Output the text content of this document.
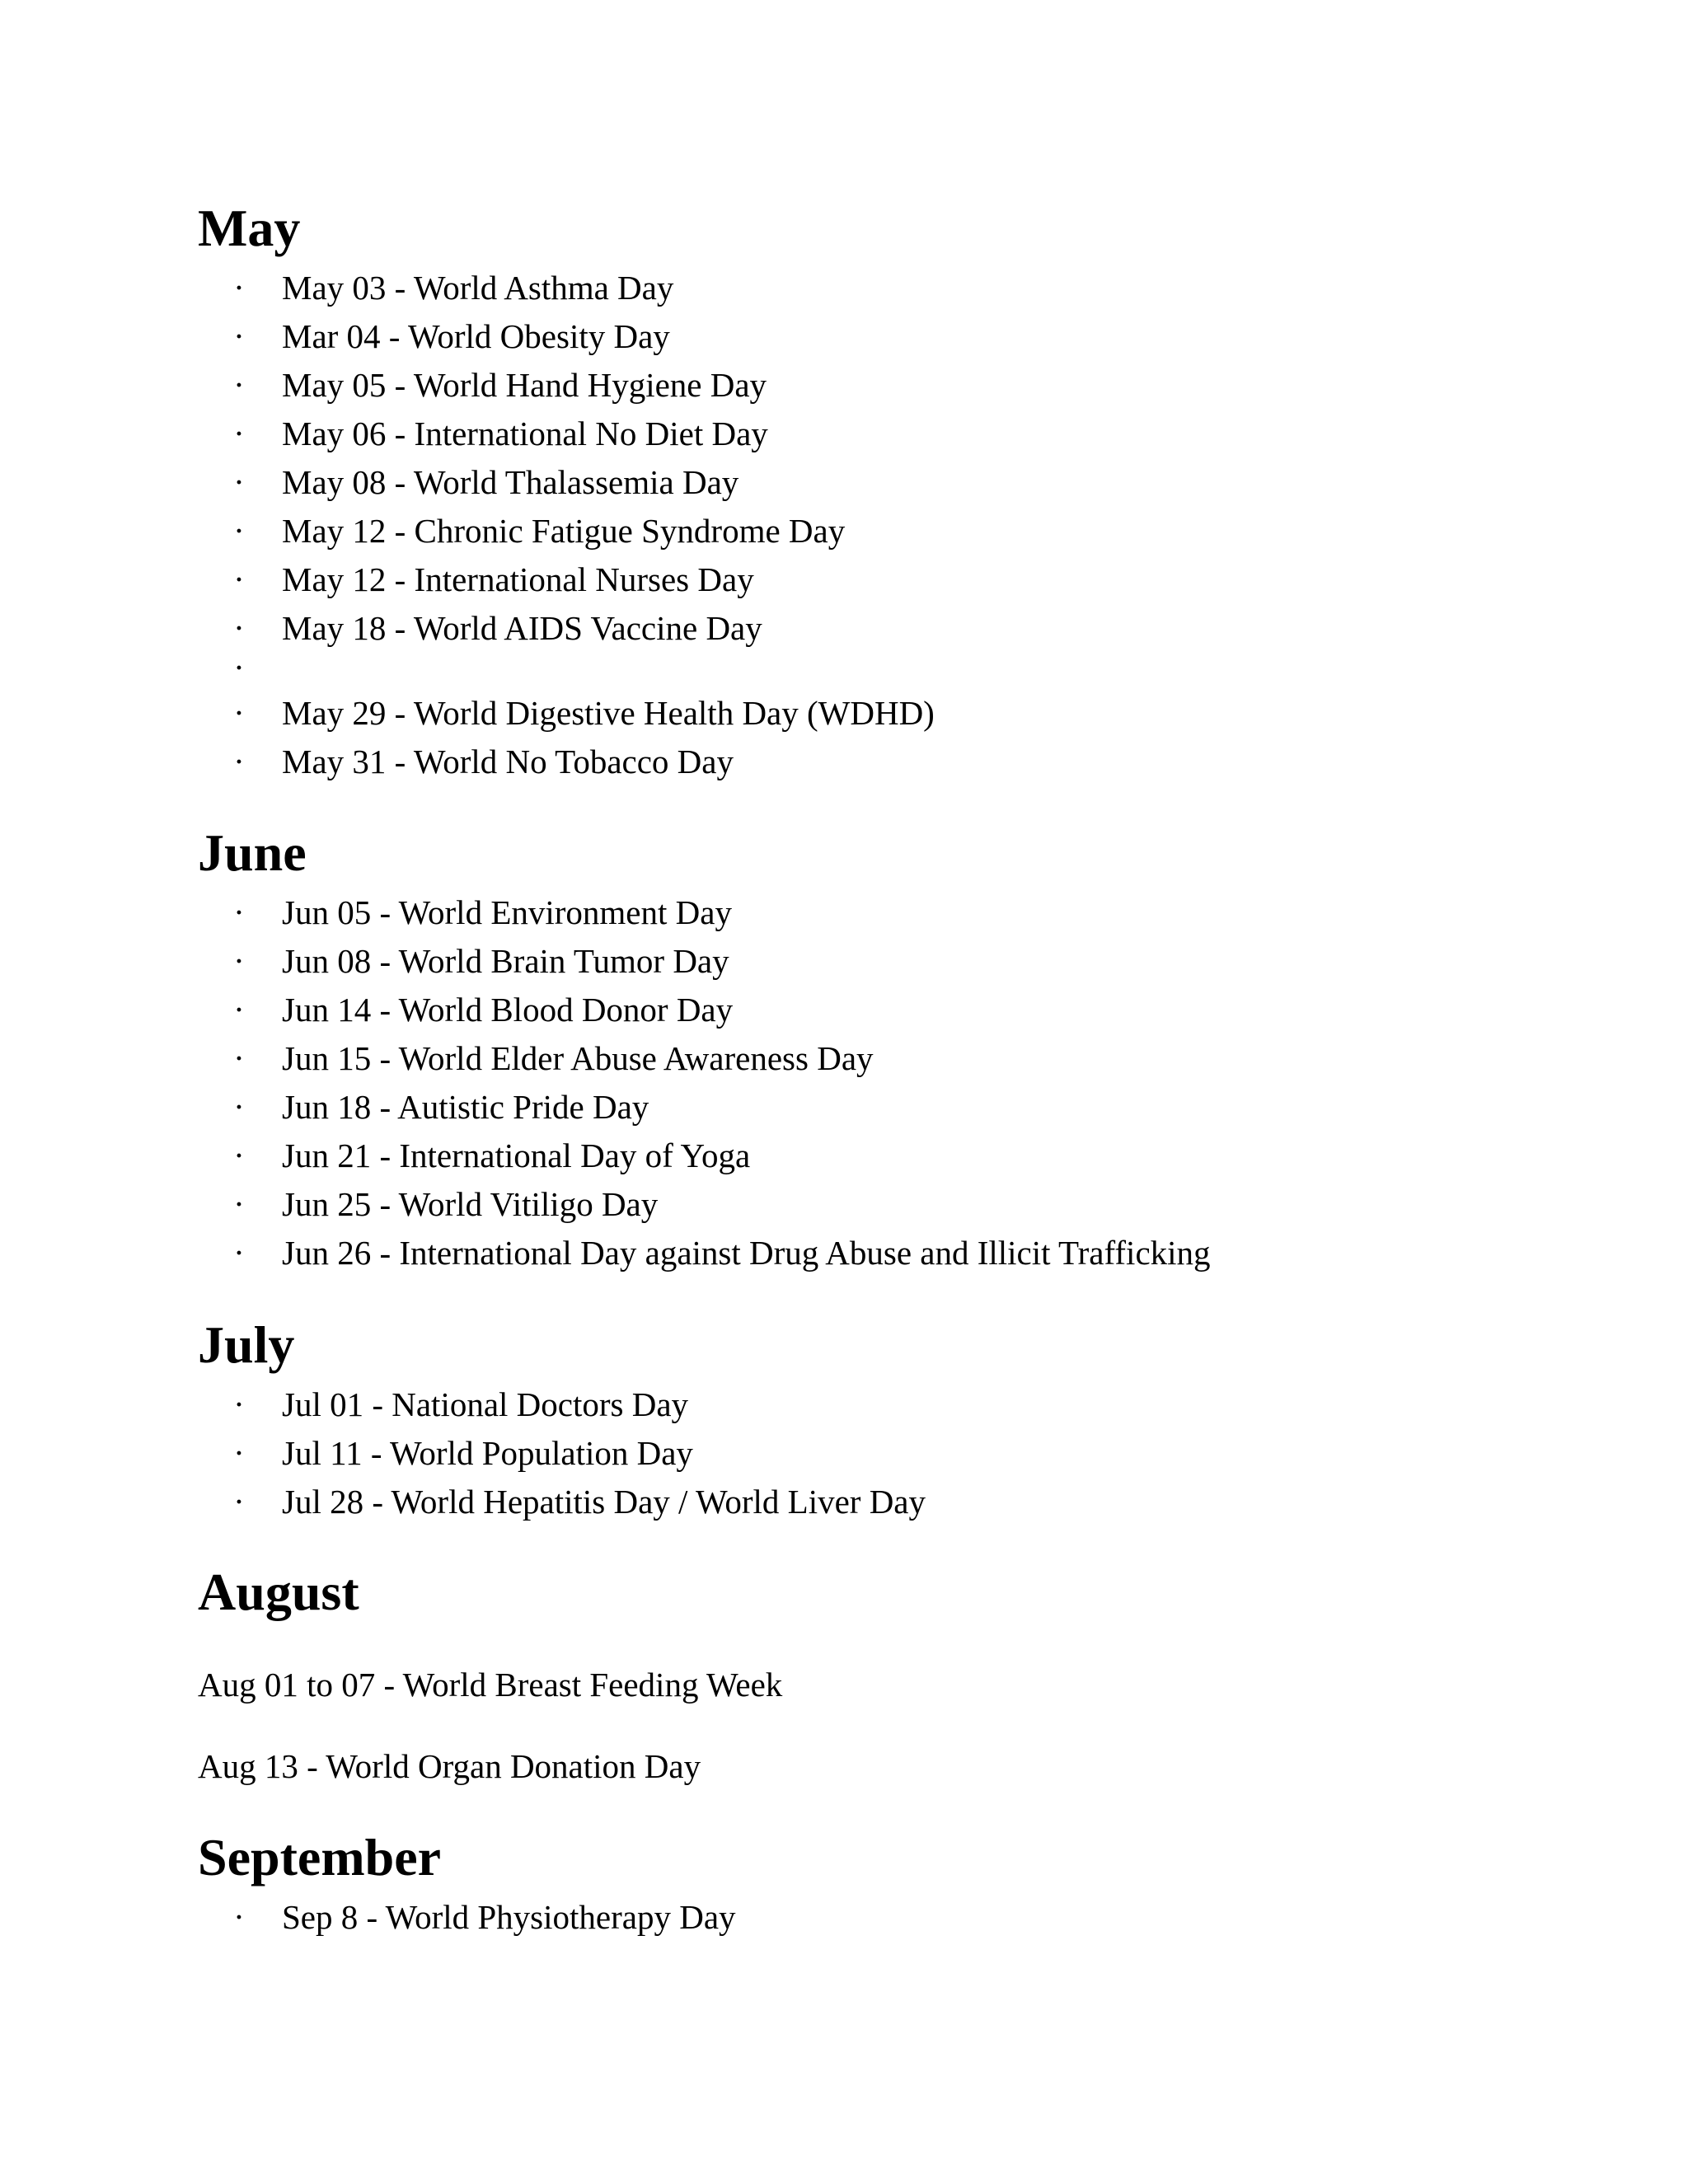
May
· May 03 - World Asthma Day
· Mar 04 - World Obesity Day
· May 05 - World Hand Hygiene Day
· May 06 - International No Diet Day
· May 08 - World Thalassemia Day
· May 12 - Chronic Fatigue Syndrome Day
· May 12 - International Nurses Day
· May 18 - World AIDS Vaccine Day
·
· May 29 - World Digestive Health Day (WDHD)
· May 31 - World No Tobacco Day
June
· Jun 05 - World Environment Day
· Jun 08 - World Brain Tumor Day
· Jun 14 - World Blood Donor Day
· Jun 15 - World Elder Abuse Awareness Day
· Jun 18 - Autistic Pride Day
· Jun 21 - International Day of Yoga
· Jun 25 - World Vitiligo Day
· Jun 26 - International Day against Drug Abuse and Illicit Trafficking
July
· Jul 01 - National Doctors Day
· Jul 11 - World Population Day
· Jul 28 - World Hepatitis Day / World Liver Day
August

Aug 01 to 07 - World Breast Feeding Week

Aug 13 - World Organ Donation Day

September
· Sep 8 - World Physiotherapy Day
